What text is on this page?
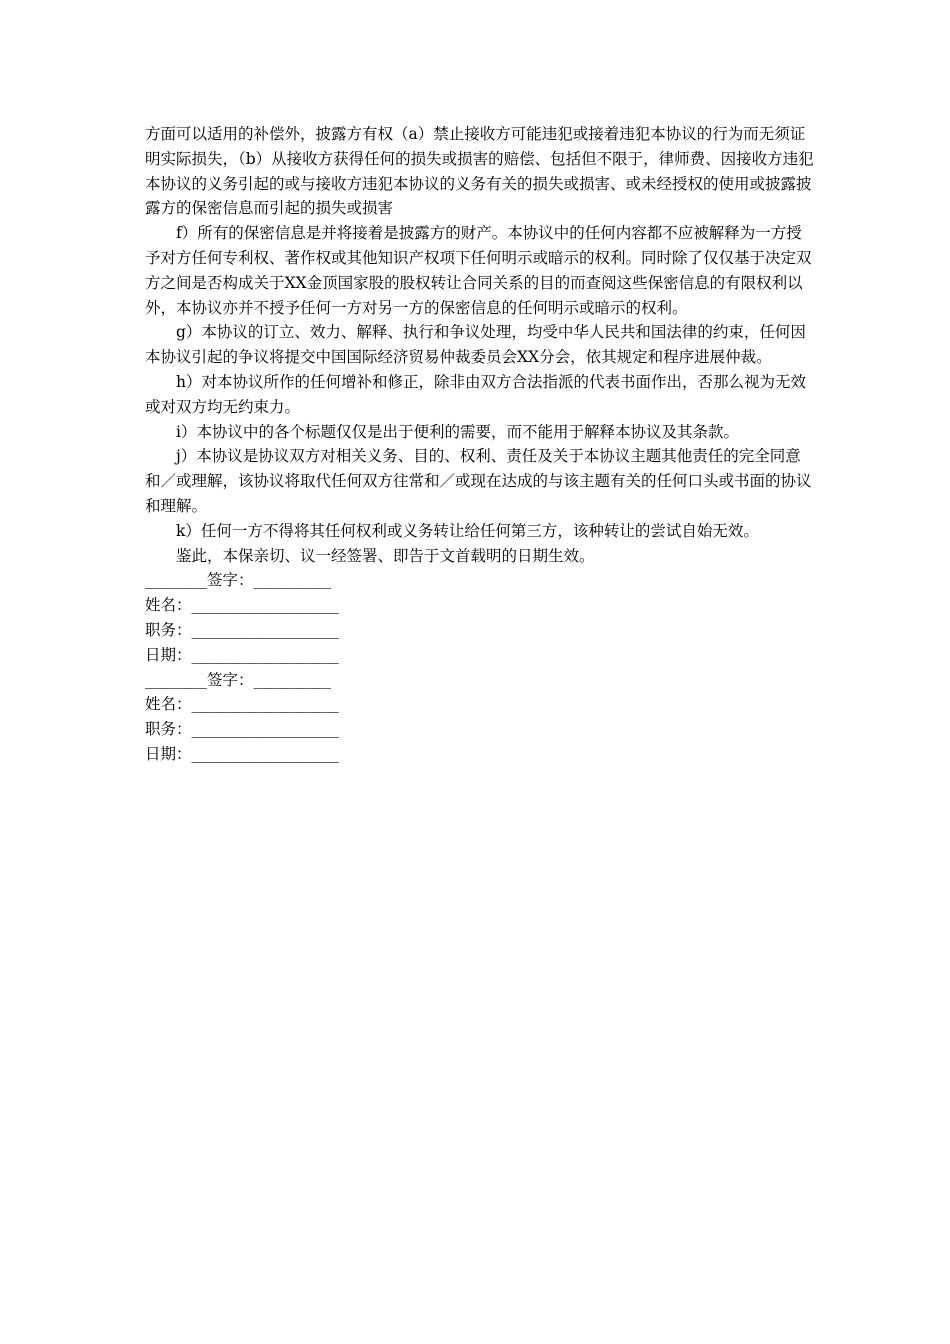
方面可以适用的补偿外，披露方有权（a）禁止接收方可能违犯或接着违犯本协议的行为而无须证明实际损失，（b）从接收方获得任何的损失或损害的赔偿、包括但不限于，律师费、因接收方违犯本协议的义务引起的或与接收方违犯本协议的义务有关的损失或损害、或未经授权的使用或披露披露方的保密信息而引起的损失或损害

f）所有的保密信息是并将接着是披露方的财产。本协议中的任何内容都不应被解释为一方授予对方任何专利权、著作权或其他知识产权项下任何明示或暗示的权利。同时除了仅仅基于决定双方之间是否构成关于XX金顶国家股的股权转让合同关系的目的而查阅这些保密信息的有限权利以外，本协议亦并不授予任何一方对另一方的保密信息的任何明示或暗示的权利。

g）本协议的订立、效力、解释、执行和争议处理，均受中华人民共和国法律的约束，任何因本协议引起的争议将提交中国国际经济贸易仲裁委员会XX分会，依其规定和程序进展仲裁。

h）对本协议所作的任何增补和修正，除非由双方合法指派的代表书面作出，否那么视为无效或对双方均无约束力。

i）本协议中的各个标题仅仅是出于便利的需要，而不能用于解释本协议及其条款。

j）本协议是协议双方对相关义务、目的、权利、责任及关于本协议主题其他责任的完全同意和／或理解，该协议将取代任何双方往常和／或现在达成的与该主题有关的任何口头或书面的协议和理解。

k）任何一方不得将其任何权利或义务转让给任何第三方，该种转让的尝试自始无效。

鉴此，本保亲切、议一经签署、即告于文首载明的日期生效。

________签字：__________

姓名：___________________

职务：___________________

日期：___________________

________签字：__________

姓名：___________________

职务：___________________

日期：___________________
